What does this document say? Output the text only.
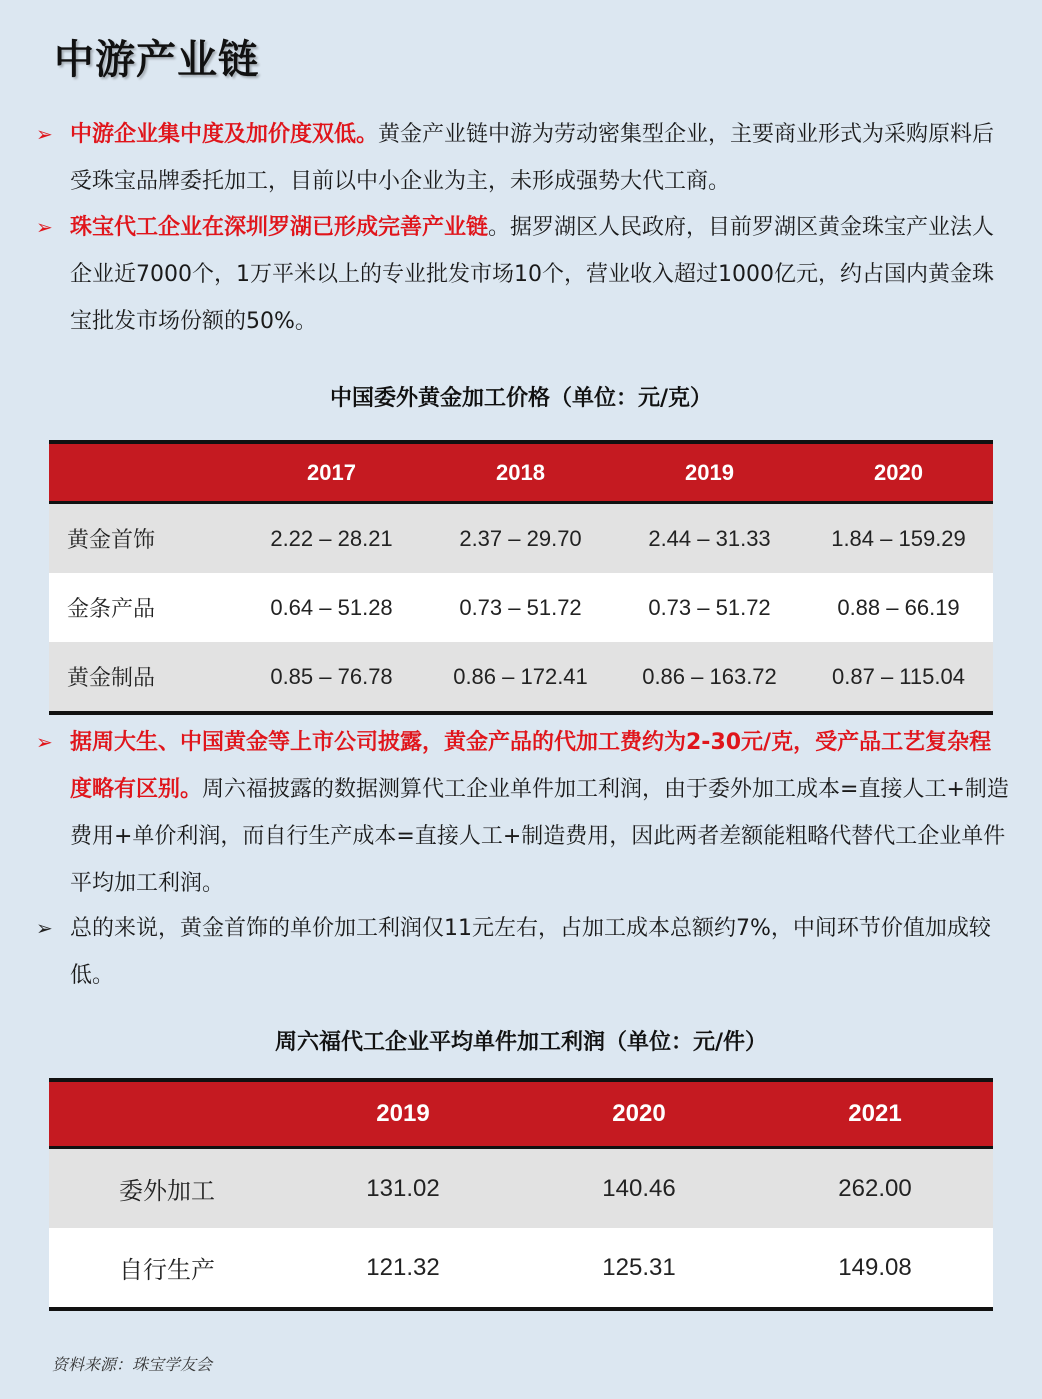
中游产业链
➢ 中游企业集中度及加价度双低。黄金产业链中游为劳动密集型企业，主要商业形式为采购原料后受珠宝品牌委托加工，目前以中小企业为主，未形成强势大代工商。
➢ 珠宝代工企业在深圳罗湖已形成完善产业链。据罗湖区人民政府，目前罗湖区黄金珠宝产业法人企业近7000个，1万平米以上的专业批发市场10个，营业收入超过1000亿元，约占国内黄金珠宝批发市场份额的50%。
中国委外黄金加工价格（单位：元/克）
	2017	2018	2019	2020
黄金首饰	2.22 – 28.21	2.37 – 29.70	2.44 – 31.33	1.84 – 159.29
金条产品	0.64 – 51.28	0.73 – 51.72	0.73 – 51.72	0.88 – 66.19
黄金制品	0.85 – 76.78	0.86 – 172.41	0.86 – 163.72	0.87 – 115.04
➢ 据周大生、中国黄金等上市公司披露，黄金产品的代加工费约为2-30元/克，受产品工艺复杂程度略有区别。周六福披露的数据测算代工企业单件加工利润，由于委外加工成本=直接人工+制造费用+单价利润，而自行生产成本=直接人工+制造费用，因此两者差额能粗略代替代工企业单件平均加工利润。
➢ 总的来说，黄金首饰的单价加工利润仅11元左右，占加工成本总额约7%，中间环节价值加成较低。
周六福代工企业平均单件加工利润（单位：元/件）
	2019	2020	2021
委外加工	131.02	140.46	262.00
自行生产	121.32	125.31	149.08
资料来源：珠宝学友会
